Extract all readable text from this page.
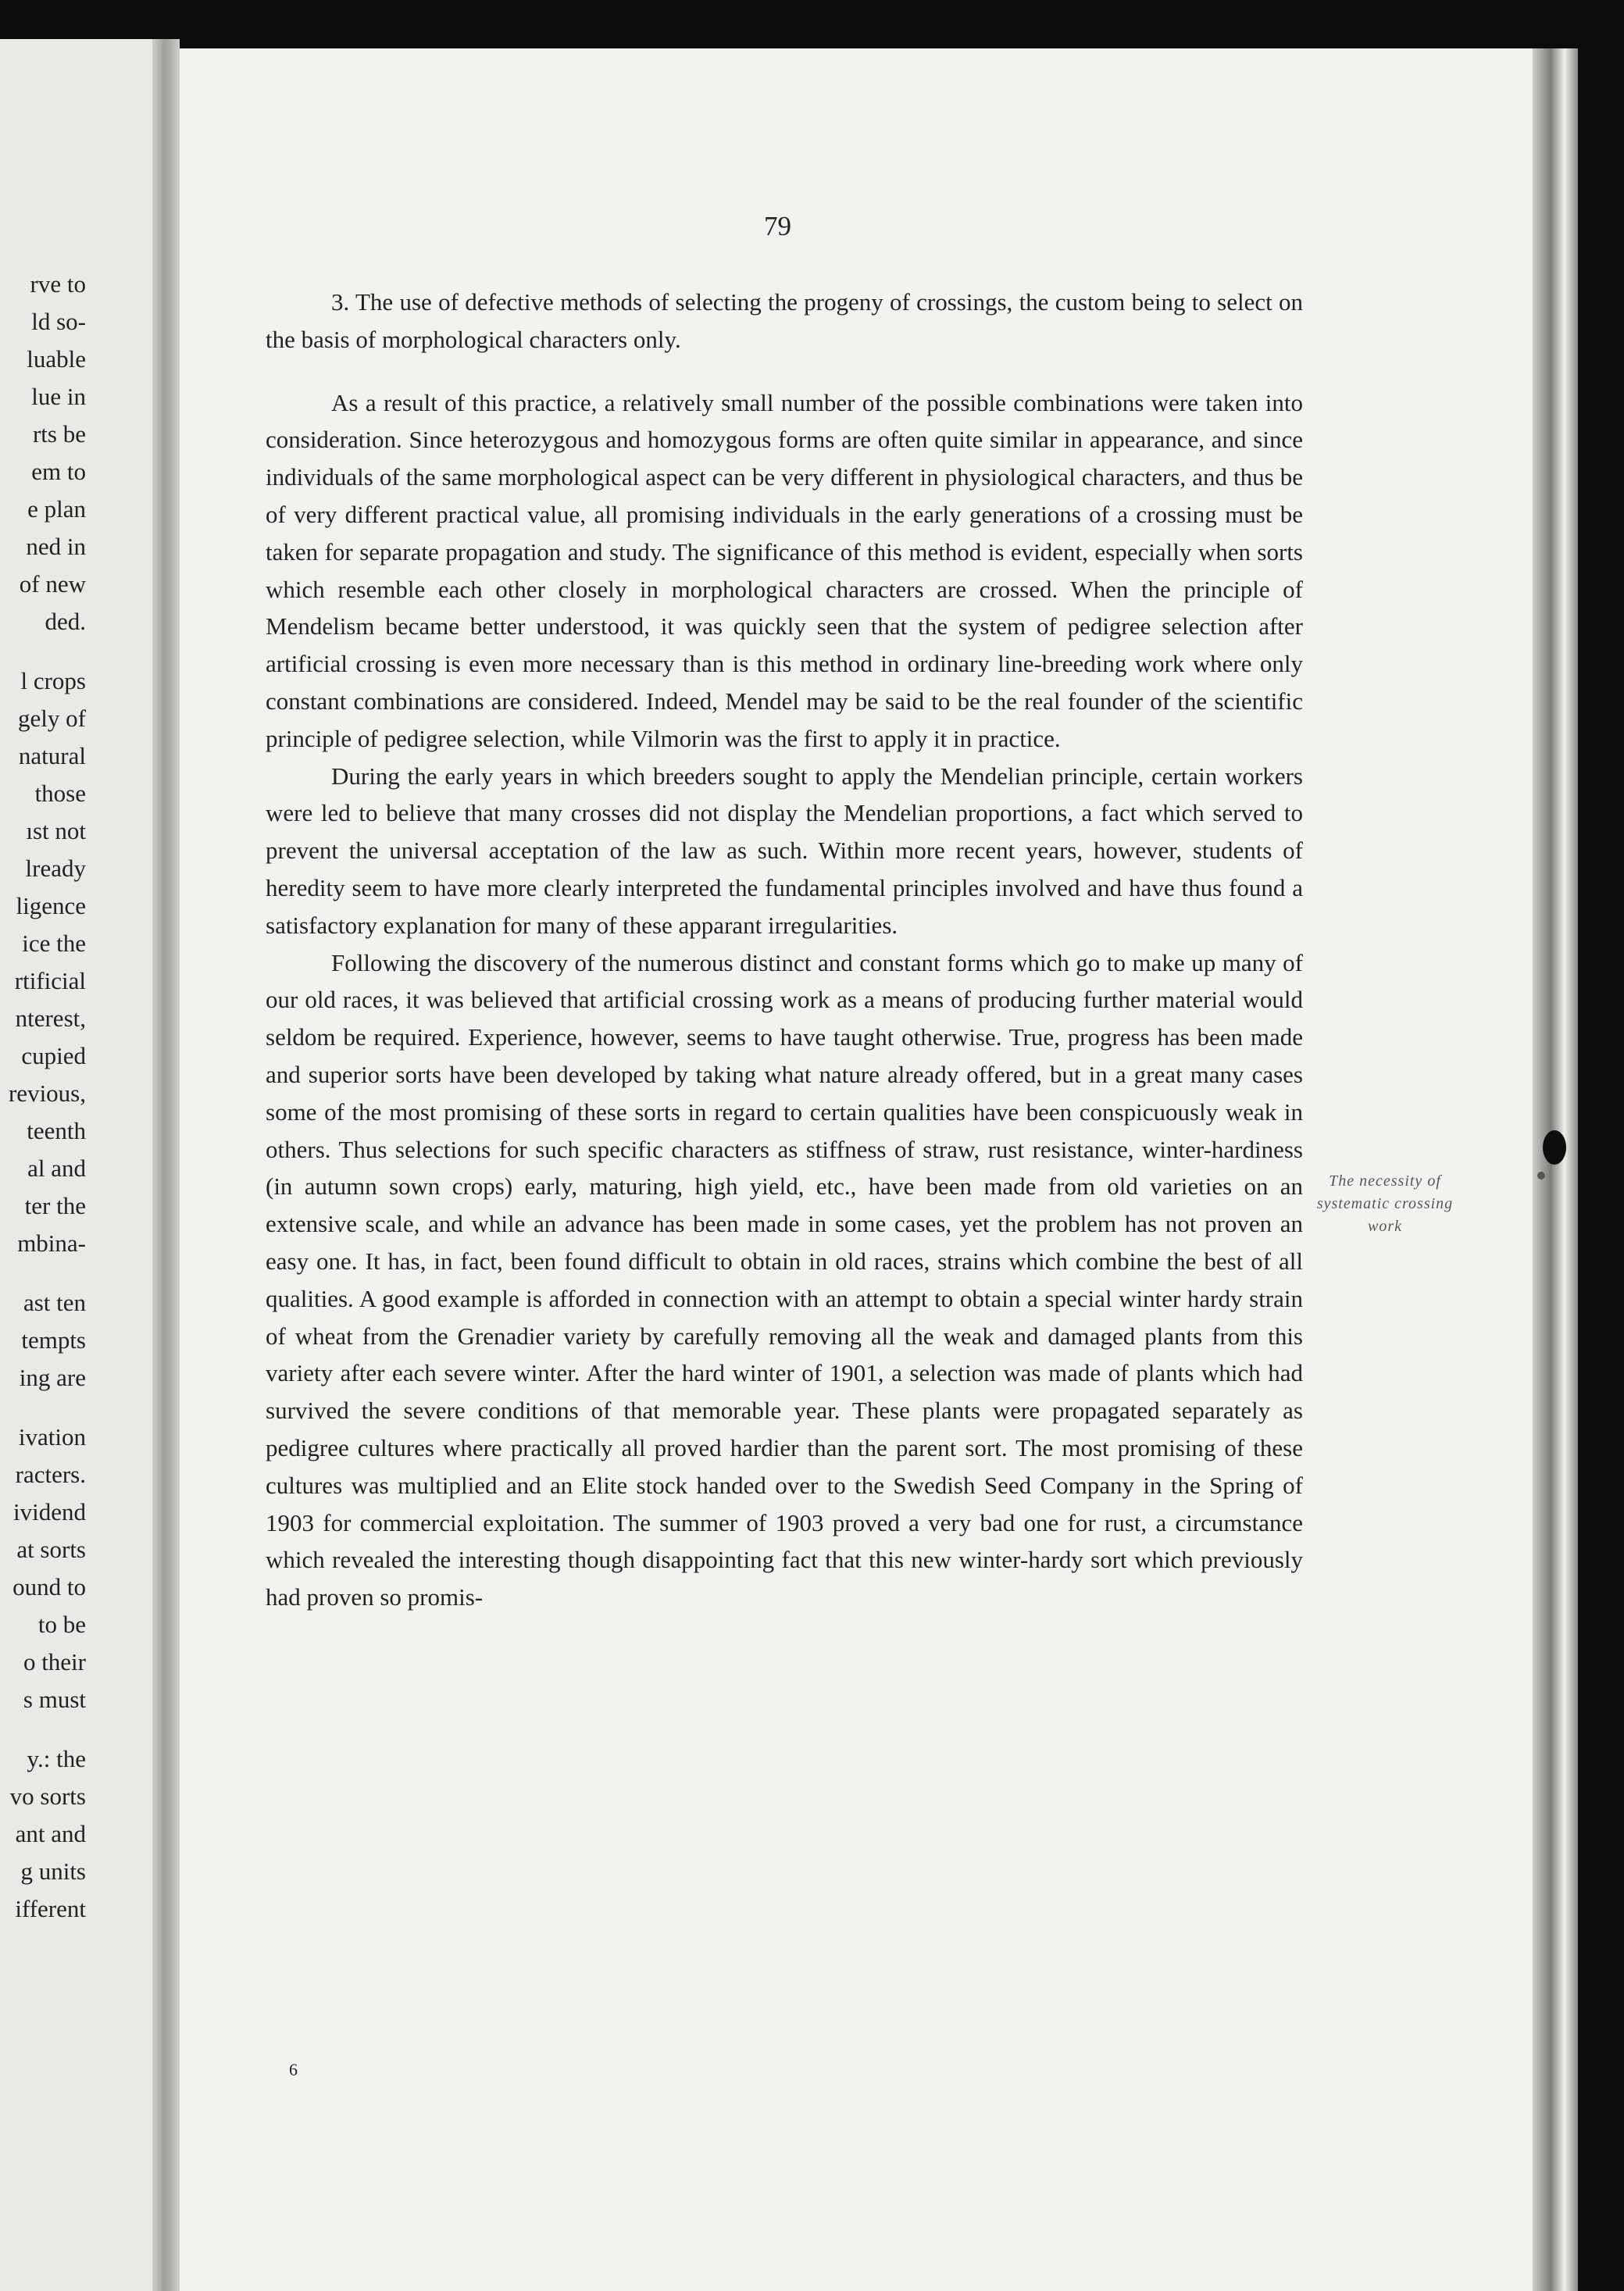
rve to
ld so-
luable
lue in
rts be
em to
e plan
ned in
of new
ded.
l crops
gely of
natural
those
ıst not
lready
ligence
ice the
rtificial
nterest,
cupied
revious,
teenth
al and
ter the
mbina-
ast ten
tempts
ing are
ivation
racters.
ividend
at sorts
ound to
to be
o their
s must
y.: the
vo sorts
ant and
g units
ifferent
79

3. The use of defective methods of selecting the progeny of crossings, the custom being to select on the basis of morphological characters only.

As a result of this practice, a relatively small number of the possible combinations were taken into consideration. Since heterozygous and homozygous forms are often quite similar in appearance, and since individuals of the same morphological aspect can be very different in physiological characters, and thus be of very different practical value, all promising individuals in the early generations of a crossing must be taken for separate propagation and study. The significance of this method is evident, especially when sorts which resemble each other closely in morphological characters are crossed. When the principle of Mendelism became better understood, it was quickly seen that the system of pedigree selection after artificial crossing is even more necessary than is this method in ordinary line-breeding work where only constant combinations are considered. Indeed, Mendel may be said to be the real founder of the scientific principle of pedigree selection, while Vilmorin was the first to apply it in practice.

During the early years in which breeders sought to apply the Mendelian principle, certain workers were led to believe that many crosses did not display the Mendelian proportions, a fact which served to prevent the universal acceptation of the law as such. Within more recent years, however, students of heredity seem to have more clearly interpreted the fundamental principles involved and have thus found a satisfactory explanation for many of these apparant irregularities.

Following the discovery of the numerous distinct and constant forms which go to make up many of our old races, it was believed that artificial crossing work as a means of producing further material would seldom be required. Experience, however, seems to have taught otherwise. True, progress has been made and superior sorts have been developed by taking what nature already offered, but in a great many cases some of the most promising of these sorts in regard to certain qualities have been conspicuously weak in others. Thus selections for such specific characters as stiffness of straw, rust resistance, winter-hardiness (in autumn sown crops) early, maturing, high yield, etc., have been made from old varieties on an extensive scale, and while an advance has been made in some cases, yet the problem has not proven an easy one. It has, in fact, been found difficult to obtain in old races, strains which combine the best of all qualities. A good example is afforded in connection with an attempt to obtain a special winter hardy strain of wheat from the Grenadier variety by carefully removing all the weak and damaged plants from this variety after each severe winter. After the hard winter of 1901, a selection was made of plants which had survived the severe conditions of that memorable year. These plants were propagated separately as pedigree cultures where practically all proved hardier than the parent sort. The most promising of these cultures was multiplied and an Elite stock handed over to the Swedish Seed Company in the Spring of 1903 for commercial exploitation. The summer of 1903 proved a very bad one for rust, a circumstance which revealed the interesting though disappointing fact that this new winter-hardy sort which previously had proven so promis-

The necessity of systematic crossing work
6
